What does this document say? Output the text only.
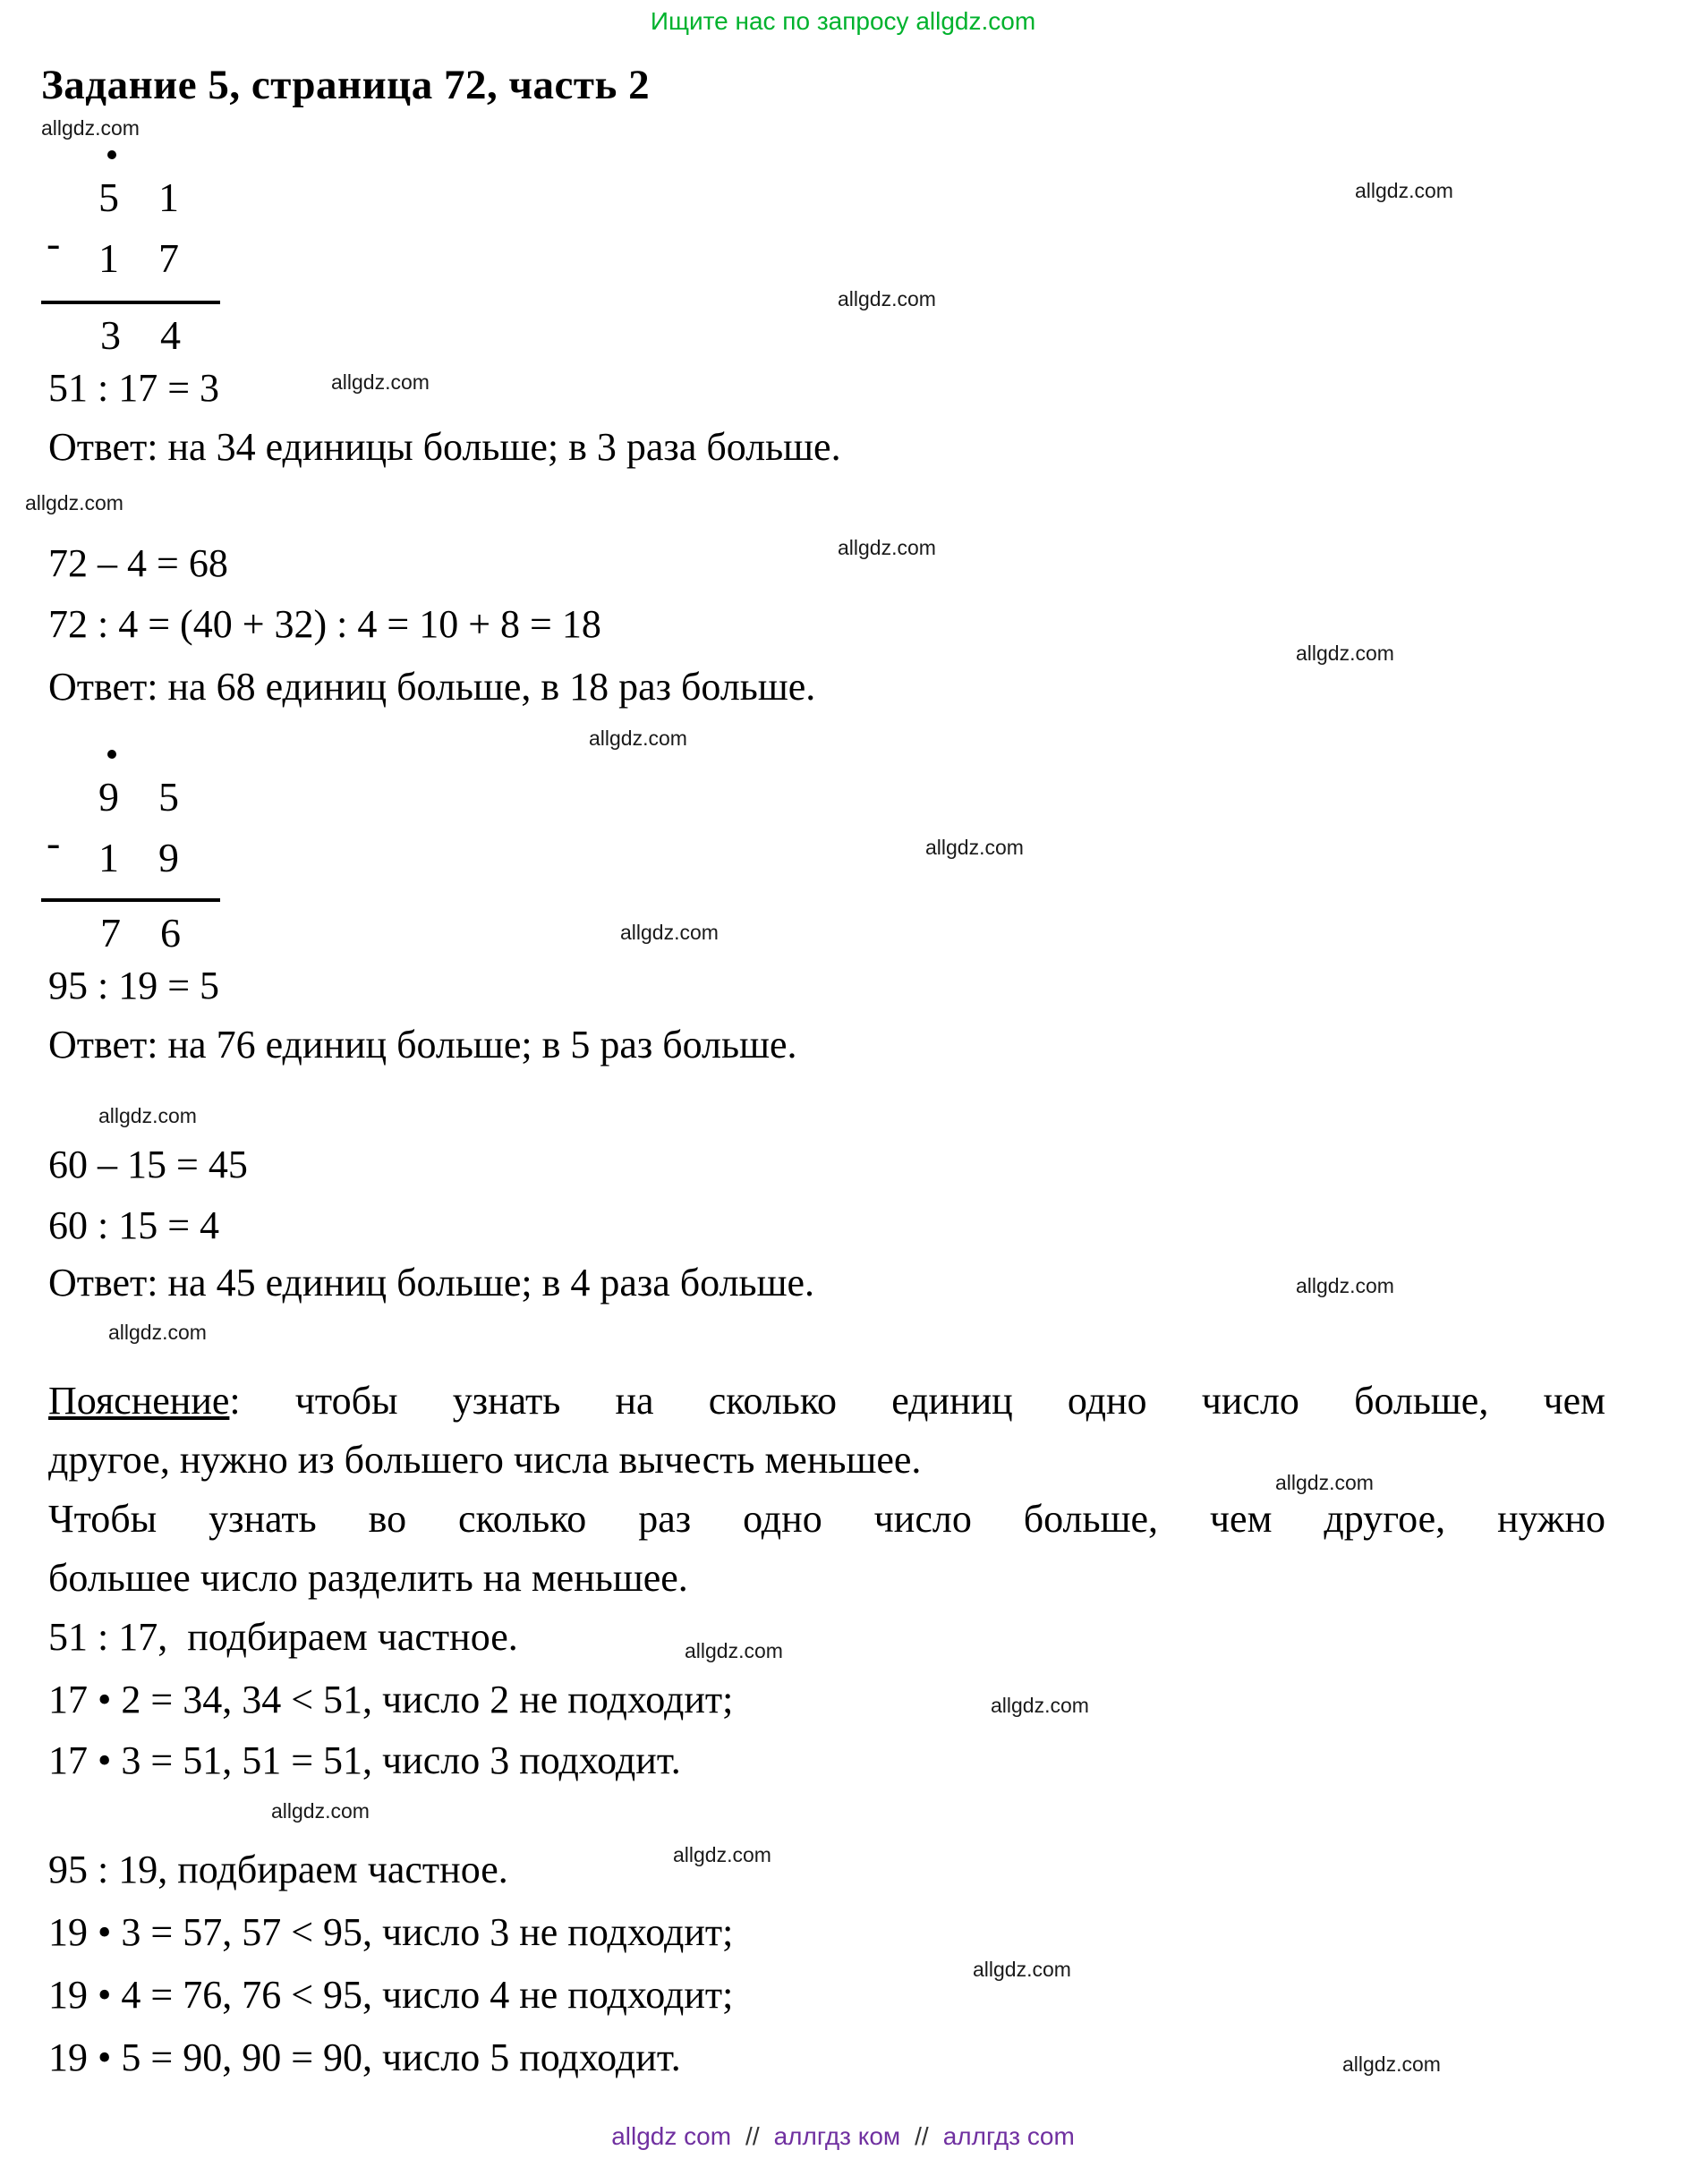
Ищите нас по запросу allgdz.com
Задание 5, страница 72, часть 2
allgdz.com
allgdz.com
allgdz.com
allgdz.com
allgdz.com
allgdz.com
allgdz.com
allgdz.com
allgdz.com
allgdz.com
allgdz.com
allgdz.com
allgdz.com
allgdz.com
allgdz.com
allgdz.com
allgdz.com
allgdz.com
allgdz.com
allgdz.com
5 1
- 1 7
3 4
51 : 17 = 3
Ответ: на 34 единицы больше; в 3 раза больше.
72 – 4 = 68
72 : 4 = (40 + 32) : 4 = 10 + 8 = 18
Ответ: на 68 единиц больше, в 18 раз больше.
9 5
- 1 9
7 6
95 : 19 = 5
Ответ: на 76 единиц больше; в 5 раз больше.
60 – 15 = 45
60 : 15 = 4
Ответ: на 45 единиц больше; в 4 раза больше.
Пояснение: чтобы узнать на сколько единиц одно число больше, чем
другое, нужно из большего числа вычесть меньшее.
Чтобы узнать во сколько раз одно число больше, чем другое, нужно
большее число разделить на меньшее.
51 : 17,  подбираем частное.
17 • 2 = 34, 34 < 51, число 2 не подходит;
17 • 3 = 51, 51 = 51, число 3 подходит.
95 : 19, подбираем частное.
19 • 3 = 57, 57 < 95, число 3 не подходит;
19 • 4 = 76, 76 < 95, число 4 не подходит;
19 • 5 = 90, 90 = 90, число 5 подходит.
allgdz com // аллгдз ком // аллгдз com
